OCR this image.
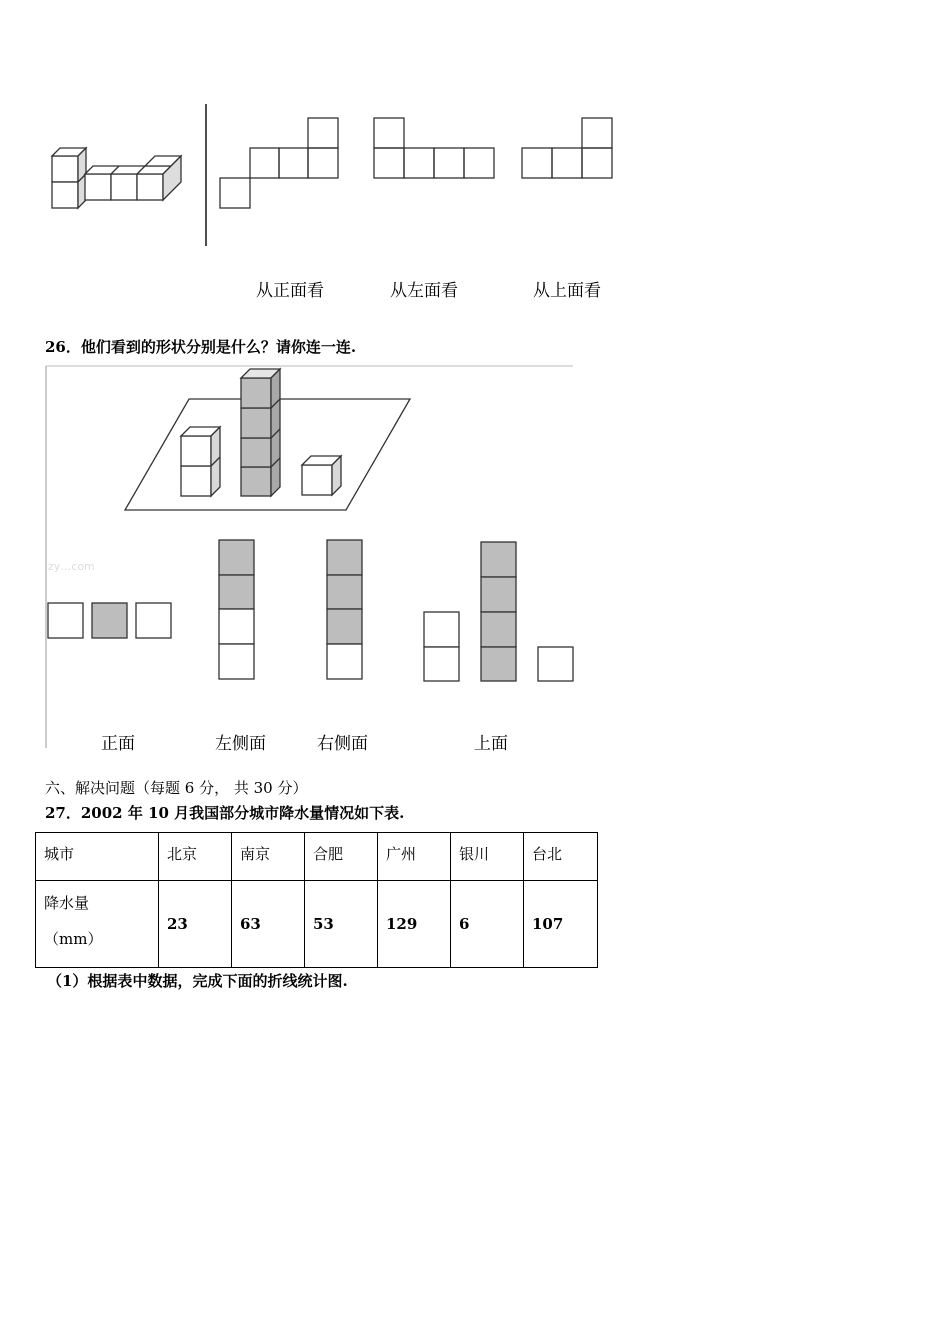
从正面看	从左面看	从上面看
26．他们看到的形状分别是什么？请你连一连.
zy…com
正面	左侧面	右侧面	上面
六、解决问题（每题 6 分， 共 30 分）
27．2002 年 10 月我国部分城市降水量情况如下表.
城市	北京	南京	合肥	广州	银川	台北

降水量
（mm）	23	63	53	129	6	107
（1）根据表中数据，完成下面的折线统计图.
